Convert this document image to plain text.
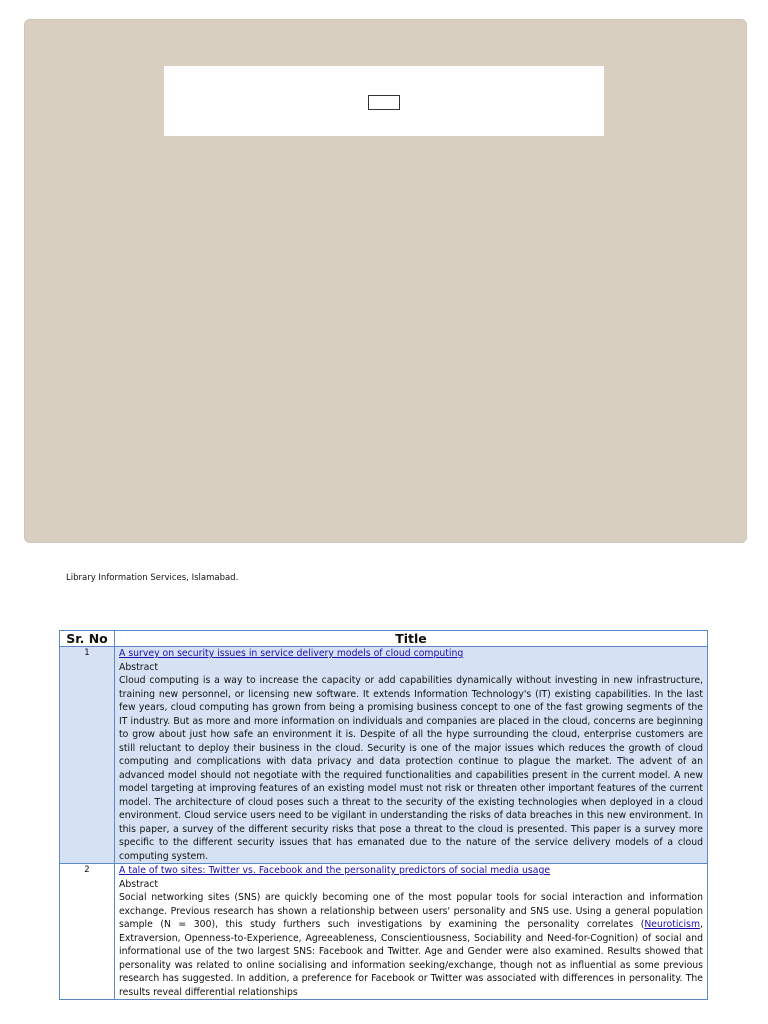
Library Information Services, Islamabad.
Sr. No	Title
1	A survey on security issues in service delivery models of cloud computing
Abstract
Cloud computing is a way to increase the capacity or add capabilities dynamically without investing in new infrastructure, training new personnel, or licensing new software. It extends Information Technology's (IT) existing capabilities. In the last few years, cloud computing has grown from being a promising business concept to one of the fast growing segments of the IT industry. But as more and more information on individuals and companies are placed in the cloud, concerns are beginning to grow about just how safe an environment it is. Despite of all the hype surrounding the cloud, enterprise customers are still reluctant to deploy their business in the cloud. Security is one of the major issues which reduces the growth of cloud computing and complications with data privacy and data protection continue to plague the market. The advent of an advanced model should not negotiate with the required functionalities and capabilities present in the current model. A new model targeting at improving features of an existing model must not risk or threaten other important features of the current model. The architecture of cloud poses such a threat to the security of the existing technologies when deployed in a cloud environment. Cloud service users need to be vigilant in understanding the risks of data breaches in this new environment. In this paper, a survey of the different security risks that pose a threat to the cloud is presented. This paper is a survey more specific to the different security issues that has emanated due to the nature of the service delivery models of a cloud computing system.

2	A tale of two sites: Twitter vs. Facebook and the personality predictors of social media usage
Abstract
Social networking sites (SNS) are quickly becoming one of the most popular tools for social interaction and information exchange. Previous research has shown a relationship between users' personality and SNS use. Using a general population sample (N = 300), this study furthers such investigations by examining the personality correlates (Neuroticism, Extraversion, Openness-to-Experience, Agreeableness, Conscientiousness, Sociability and Need-for-Cognition) of social and informational use of the two largest SNS: Facebook and Twitter. Age and Gender were also examined. Results showed that personality was related to online socialising and information seeking/exchange, though not as influential as some previous research has suggested. In addition, a preference for Facebook or Twitter was associated with differences in personality. The results reveal differential relationships
